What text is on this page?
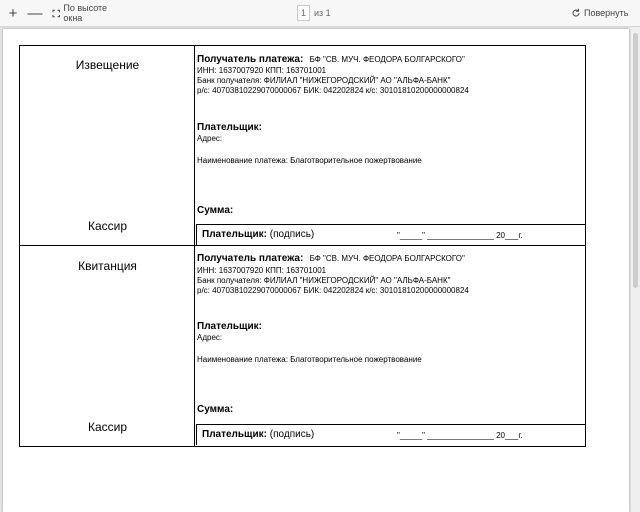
+ — По высоте окна	1 из 1	Повернуть
Извещение
Кассир
Получатель платежа: БФ "СВ. МУЧ. ФЕОДОРА БОЛГАРСКОГО"
ИНН: 1637007920 КПП: 163701001
Банк получателя: ФИЛИАЛ "НИЖЕГОРОДСКИЙ" АО "АЛЬФА-БАНК"
р/с: 40703810229070000067 БИК: 042202824 к/с: 30101810200000000824
Плательщик:
Адрес:
Наименование платежа: Благотворительное пожертвование
Сумма:
Плательщик: (подпись)	"_____" _______________ 20___г.
Квитанция
Кассир
Получатель платежа: БФ "СВ. МУЧ. ФЕОДОРА БОЛГАРСКОГО"
ИНН: 1637007920 КПП: 163701001
Банк получателя: ФИЛИАЛ "НИЖЕГОРОДСКИЙ" АО "АЛЬФА-БАНК"
р/с: 40703810229070000067 БИК: 042202824 к/с: 30101810200000000824
Плательщик:
Адрес:
Наименование платежа: Благотворительное пожертвование
Сумма:
Плательщик: (подпись)	"_____" _______________ 20___г.
